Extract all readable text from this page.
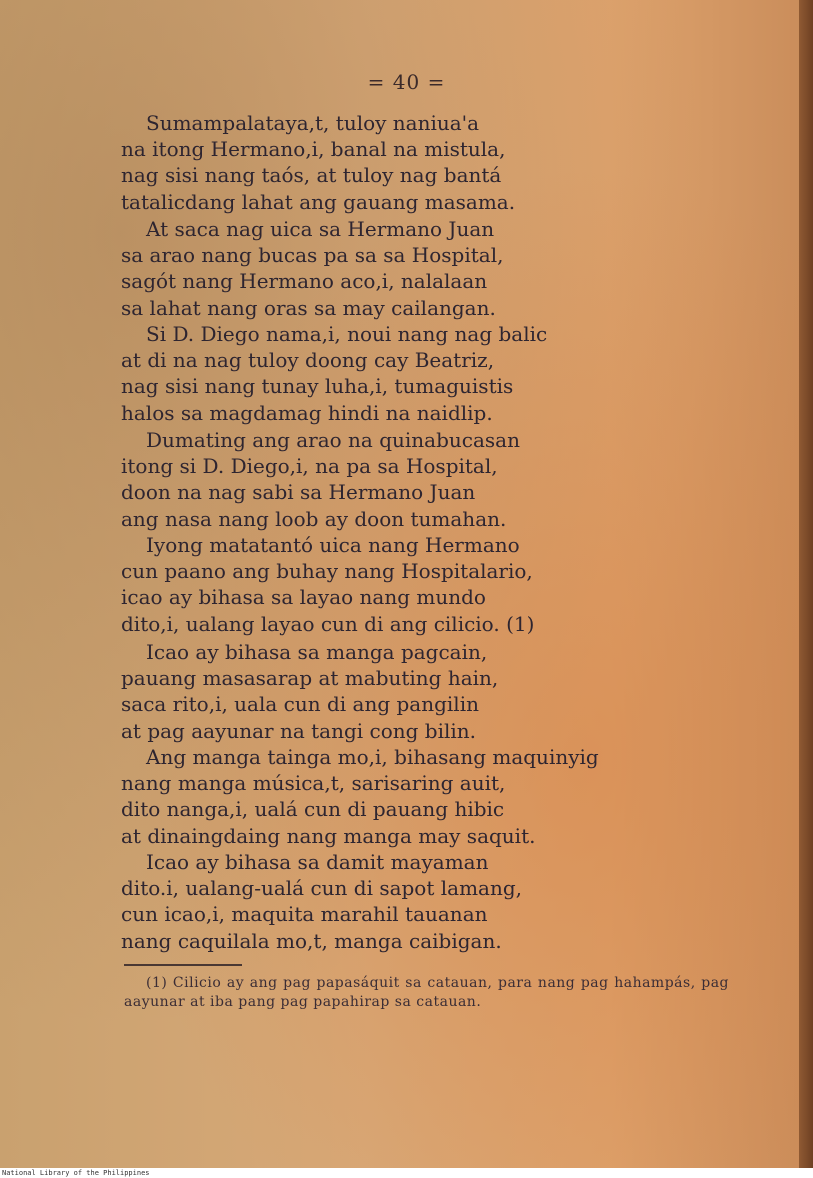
= 40 =
Sumampalataya,t, tuloy naniua'a
na itong Hermano,i, banal na mistula,
nag sisi nang taós, at tuloy nag bantá
tatalicdang lahat ang gauang masama.
At saca nag uica sa Hermano Juan
sa arao nang bucas pa sa sa Hospital,
sagót nang Hermano aco,i, nalalaan
sa lahat nang oras sa may cailangan.
Si D. Diego nama,i, noui nang nag balic
at di na nag tuloy doong cay Beatriz,
nag sisi nang tunay luha,i, tumaguistis
halos sa magdamag hindi na naidlip.
Dumating ang arao na quinabucasan
itong si D. Diego,i, na pa sa Hospital,
doon na nag sabi sa Hermano Juan
ang nasa nang loob ay doon tumahan.
Iyong matatantó uica nang Hermano
cun paano ang buhay nang Hospitalario,
icao ay bihasa sa layao nang mundo
dito,i, ualang layao cun di ang cilicio. (1)
Icao ay bihasa sa manga pagcain,
pauang masasarap at mabuting hain,
saca rito,i, uala cun di ang pangilin
at pag aayunar na tangi cong bilin.
Ang manga tainga mo,i, bihasang maquinyig
nang manga música,t, sarisaring auit,
dito nanga,i, ualá cun di pauang hibic
at dinaingdaing nang manga may saquit.
Icao ay bihasa sa damit mayaman
dito.i, ualang-ualá cun di sapot lamang,
cun icao,i, maquita marahil tauanan
nang caquilala mo,t, manga caibigan.
(1) Cilicio ay ang pag papasáquit sa catauan, para nang pag hahampás, pag aayunar at iba pang pag papahirap sa catauan.
National Library of the Philippines
